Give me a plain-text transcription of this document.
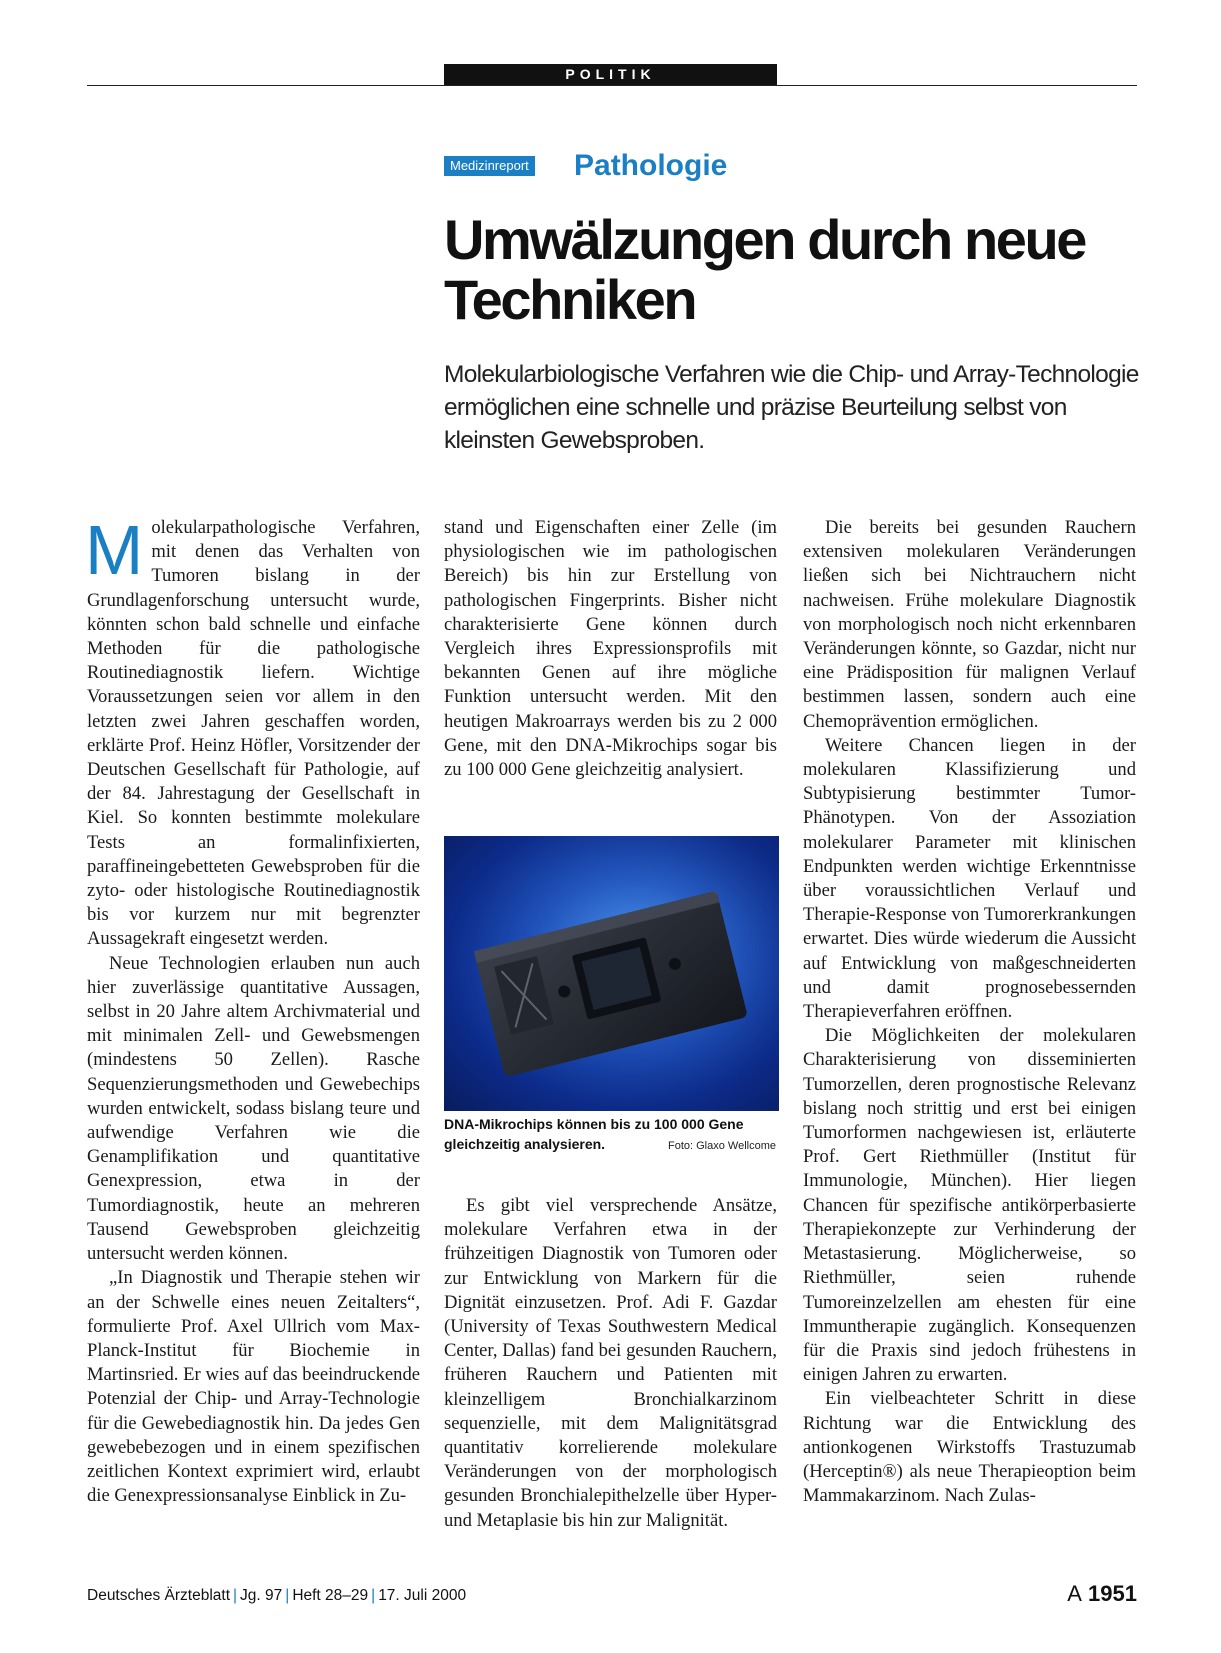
POLITIK
Medizinreport Pathologie
Umwälzungen durch neue Techniken

Molekularbiologische Verfahren wie die Chip- und Array-Technologie ermöglichen eine schnelle und präzise Beurteilung selbst von kleinsten Gewebsproben.

Molekularpathologische Verfahren, mit denen das Verhalten von Tumoren bislang in der Grundlagenforschung untersucht wurde, könnten schon bald schnelle und einfache Methoden für die pathologische Routinediagnostik liefern. Wichtige Voraussetzungen seien vor allem in den letzten zwei Jahren geschaffen worden, erklärte Prof. Heinz Höfler, Vorsitzender der Deutschen Gesellschaft für Pathologie, auf der 84. Jahrestagung der Gesellschaft in Kiel. So konnten bestimmte molekulare Tests an formalinfixierten, paraffineingebetteten Gewebsproben für die zyto- oder histologische Routinediagnostik bis vor kurzem nur mit begrenzter Aussagekraft eingesetzt werden.

Neue Technologien erlauben nun auch hier zuverlässige quantitative Aussagen, selbst in 20 Jahre altem Archivmaterial und mit minimalen Zell- und Gewebsmengen (mindestens 50 Zellen). Rasche Sequenzierungsmethoden und Gewebechips wurden entwickelt, sodass bislang teure und aufwendige Verfahren wie die Genamplifikation und quantitative Genexpression, etwa in der Tumordiagnostik, heute an mehreren Tausend Gewebsproben gleichzeitig untersucht werden können.

„In Diagnostik und Therapie stehen wir an der Schwelle eines neuen Zeitalters“, formulierte Prof. Axel Ullrich vom Max-Planck-Institut für Biochemie in Martinsried. Er wies auf das beeindruckende Potenzial der Chip- und Array-Technologie für die Gewebediagnostik hin. Da jedes Gen gewebebezogen und in einem spezifischen zeitlichen Kontext exprimiert wird, erlaubt die Genexpressionsanalyse Einblick in Zu-

stand und Eigenschaften einer Zelle (im physiologischen wie im pathologischen Bereich) bis hin zur Erstellung von pathologischen Fingerprints. Bisher nicht charakterisierte Gene können durch Vergleich ihres Expressionsprofils mit bekannten Genen auf ihre mögliche Funktion untersucht werden. Mit den heutigen Makroarrays werden bis zu 2 000 Gene, mit den DNA-Mikrochips sogar bis zu 100 000 Gene gleichzeitig analysiert.

DNA-Mikrochips können bis zu 100 000 Gene gleichzeitig analysieren.	Foto: Glaxo Wellcome

Es gibt viel versprechende Ansätze, molekulare Verfahren etwa in der frühzeitigen Diagnostik von Tumoren oder zur Entwicklung von Markern für die Dignität einzusetzen. Prof. Adi F. Gazdar (University of Texas Southwestern Medical Center, Dallas) fand bei gesunden Rauchern, früheren Rauchern und Patienten mit kleinzelligem Bronchialkarzinom sequenzielle, mit dem Malignitätsgrad quantitativ korrelierende molekulare Veränderungen von der morphologisch gesunden Bronchialepithelzelle über Hyper- und Metaplasie bis hin zur Malignität.

Die bereits bei gesunden Rauchern extensiven molekularen Veränderungen ließen sich bei Nichtrauchern nicht nachweisen. Frühe molekulare Diagnostik von morphologisch noch nicht erkennbaren Veränderungen könnte, so Gazdar, nicht nur eine Prädisposition für malignen Verlauf bestimmen lassen, sondern auch eine Chemoprävention ermöglichen.

Weitere Chancen liegen in der molekularen Klassifizierung und Subtypisierung bestimmter Tumor-Phänotypen. Von der Assoziation molekularer Parameter mit klinischen Endpunkten werden wichtige Erkenntnisse über voraussichtlichen Verlauf und Therapie-Response von Tumorerkrankungen erwartet. Dies würde wiederum die Aussicht auf Entwicklung von maßgeschneiderten und damit prognosebessernden Therapieverfahren eröffnen.

Die Möglichkeiten der molekularen Charakterisierung von disseminierten Tumorzellen, deren prognostische Relevanz bislang noch strittig und erst bei einigen Tumorformen nachgewiesen ist, erläuterte Prof. Gert Riethmüller (Institut für Immunologie, München). Hier liegen Chancen für spezifische antikörperbasierte Therapiekonzepte zur Verhinderung der Metastasierung. Möglicherweise, so Riethmüller, seien ruhende Tumoreinzelzellen am ehesten für eine Immuntherapie zugänglich. Konsequenzen für die Praxis sind jedoch frühestens in einigen Jahren zu erwarten.

Ein vielbeachteter Schritt in diese Richtung war die Entwicklung des antionkogenen Wirkstoffs Trastuzumab (Herceptin®) als neue Therapieoption beim Mammakarzinom. Nach Zulas-

Deutsches Ärzteblatt | Jg. 97 | Heft 28–29 | 17. Juli 2000	A 1951
